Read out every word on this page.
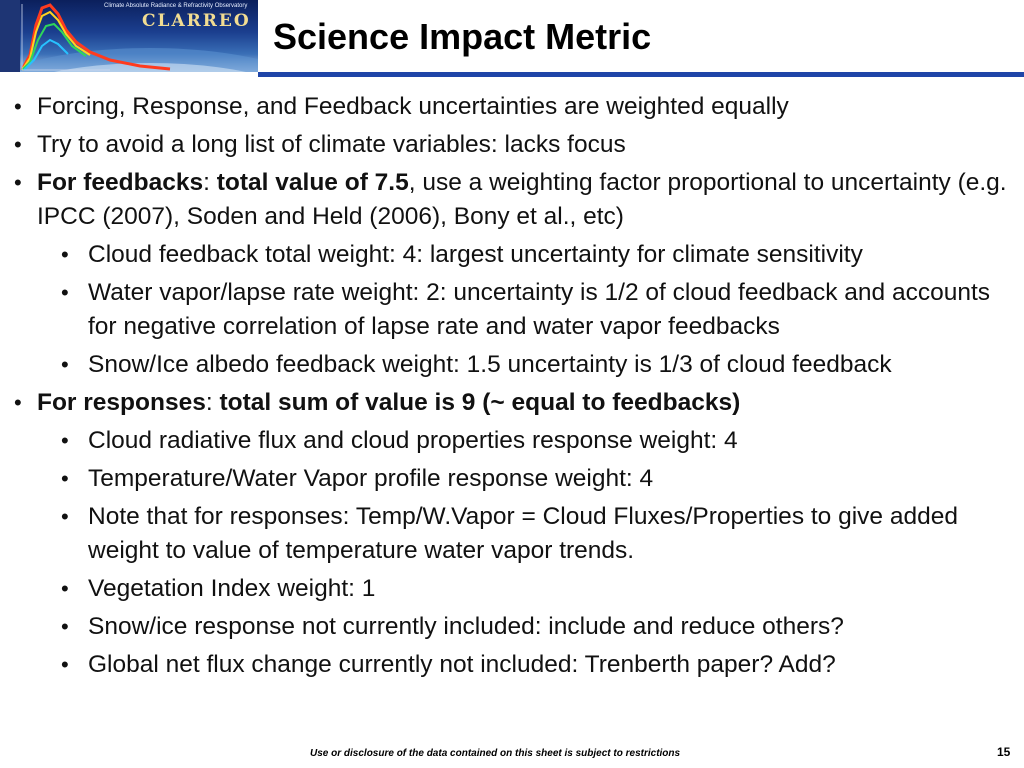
Climate Absolute Radiance & Refractivity Observatory
CLARREO Science Impact Metric
• Forcing, Response, and Feedback uncertainties are weighted equally
• Try to avoid a long list of climate variables: lacks focus
• For feedbacks: total value of 7.5, use a weighting factor proportional to uncertainty (e.g. IPCC (2007), Soden and Held (2006), Bony et al., etc)
• Cloud feedback total weight: 4: largest uncertainty for climate sensitivity
• Water vapor/lapse rate weight: 2: uncertainty is 1/2 of cloud feedback and accounts for negative correlation of lapse rate and water vapor feedbacks
• Snow/Ice albedo feedback weight: 1.5 uncertainty is 1/3 of cloud feedback
• For responses: total sum of value is 9 (~ equal to feedbacks)
• Cloud radiative flux and cloud properties response weight: 4
• Temperature/Water Vapor profile response weight: 4
• Note that for responses: Temp/W.Vapor = Cloud Fluxes/Properties to give added weight to value of temperature water vapor trends.
• Vegetation Index weight: 1
• Snow/ice response not currently included: include and reduce others?
• Global net flux change currently not included: Trenberth paper? Add?
Use or disclosure of the data contained on this sheet is subject to restrictions	15
